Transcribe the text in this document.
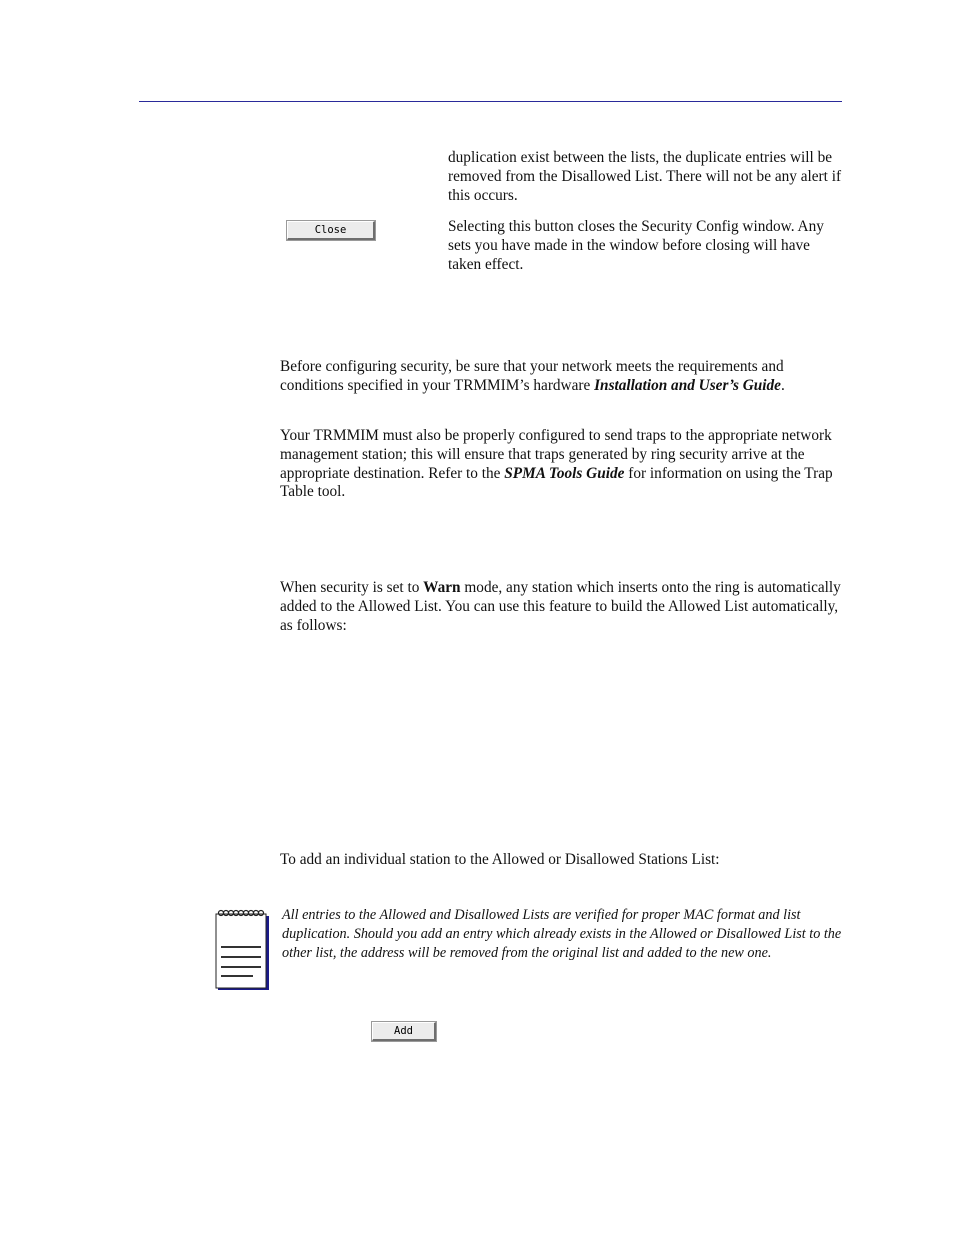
duplication exist between the lists, the duplicate entries will be removed from the Disallowed List. There will not be any alert if this occurs.

Close	Selecting this button closes the Security Config window. Any sets you have made in the window before closing will have taken effect.

Before configuring security, be sure that your network meets the requirements and conditions specified in your TRMMIM’s hardware Installation and User’s Guide.

Your TRMMIM must also be properly configured to send traps to the appropriate network management station; this will ensure that traps generated by ring security arrive at the appropriate destination. Refer to the SPMA Tools Guide for information on using the Trap Table tool.

When security is set to Warn mode, any station which inserts onto the ring is automatically added to the Allowed List. You can use this feature to build the Allowed List automatically, as follows:

To add an individual station to the Allowed or Disallowed Stations List:

All entries to the Allowed and Disallowed Lists are verified for proper MAC format and list duplication. Should you add an entry which already exists in the Allowed or Disallowed List to the other list, the address will be removed from the original list and added to the new one.

Add
